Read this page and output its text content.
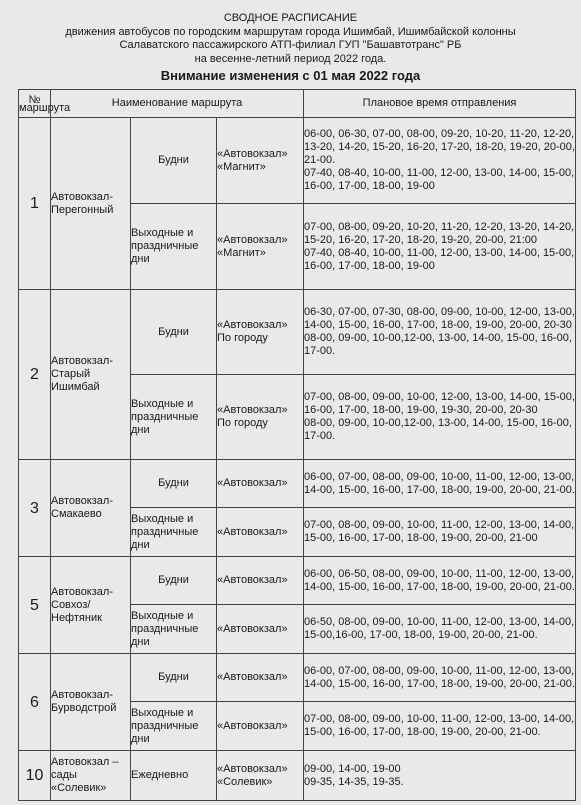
СВОДНОЕ РАСПИСАНИЕ
движения автобусов по городским маршрутам города Ишимбай, Ишимбайской колонны
Салаватского пассажирского АТП-филиал ГУП "Башавтотранс" РБ
на весенне-летний период 2022 года.
Внимание изменения с 01 мая 2022 года
№ маршрута	Наименование маршрута			Плановое время отправления
1	Автовокзал-Перегонный	Будни	«Автовокзал»
«Магнит»	06-00, 06-30, 07-00, 08-00, 09-20, 10-20, 11-20, 12-20, 13-20, 14-20, 15-20, 16-20, 17-20, 18-20, 19-20, 20-00, 21-00.
07-40, 08-40, 10-00, 11-00, 12-00, 13-00, 14-00, 15-00, 16-00, 17-00, 18-00, 19-00

		Выходные и праздничные дни	«Автовокзал»
«Магнит»	07-00, 08-00, 09-20, 10-20, 11-20, 12-20, 13-20, 14-20, 15-20, 16-20, 17-20, 18-20, 19-20, 20-00, 21:00
07-40, 08-40, 10-00, 11-00, 12-00, 13-00, 14-00, 15-00, 16-00, 17-00, 18-00, 19-00

2	Автовокзал-Старый Ишимбай	Будни	«Автовокзал»
По городу	06-30, 07-00, 07-30, 08-00, 09-00, 10-00, 12-00, 13-00, 14-00, 15-00, 16-00, 17-00, 18-00, 19-00, 20-00, 20-30
08-00, 09-00, 10-00,12-00, 13-00, 14-00, 15-00, 16-00, 17-00.

		Выходные и праздничные дни	«Автовокзал»
По городу	07-00, 08-00, 09-00, 10-00, 12-00, 13-00, 14-00, 15-00, 16-00, 17-00, 18-00, 19-00, 19-30, 20-00, 20-30
08-00, 09-00, 10-00,12-00, 13-00, 14-00, 15-00, 16-00, 17-00.

3	Автовокзал-Смакаево	Будни	«Автовокзал»	06-00, 07-00, 08-00, 09-00, 10-00, 11-00, 12-00, 13-00, 14-00, 15-00, 16-00, 17-00, 18-00, 19-00, 20-00, 21-00.
		Выходные и праздничные дни	«Автовокзал»	07-00, 08-00, 09-00, 10-00, 11-00, 12-00, 13-00, 14-00, 15-00, 16-00, 17-00, 18-00, 19-00, 20-00, 21-00
5	Автовокзал-Совхоз/ Нефтяник	Будни	«Автовокзал»	06-00, 06-50, 08-00, 09-00, 10-00, 11-00, 12-00, 13-00, 14-00, 15-00, 16-00, 17-00, 18-00, 19-00, 20-00, 21-00.
		Выходные и праздничные дни	«Автовокзал»	06-50, 08-00, 09-00, 10-00, 11-00, 12-00, 13-00, 14-00, 15-00,16-00, 17-00, 18-00, 19-00, 20-00, 21-00.
6	Автовокзал-Бурводстрой	Будни	«Автовокзал»	06-00, 07-00, 08-00, 09-00, 10-00, 11-00, 12-00, 13-00, 14-00, 15-00, 16-00, 17-00, 18-00, 19-00, 20-00, 21-00.
		Выходные и праздничные дни	«Автовокзал»	07-00, 08-00, 09-00, 10-00, 11-00, 12-00, 13-00, 14-00, 15-00, 16-00, 17-00, 18-00, 19-00, 20-00, 21-00.
10	Автовокзал – сады «Солевик»	Ежедневно	«Автовокзал»
«Солевик»	09-00, 14-00, 19-00
09-35, 14-35, 19-35.
